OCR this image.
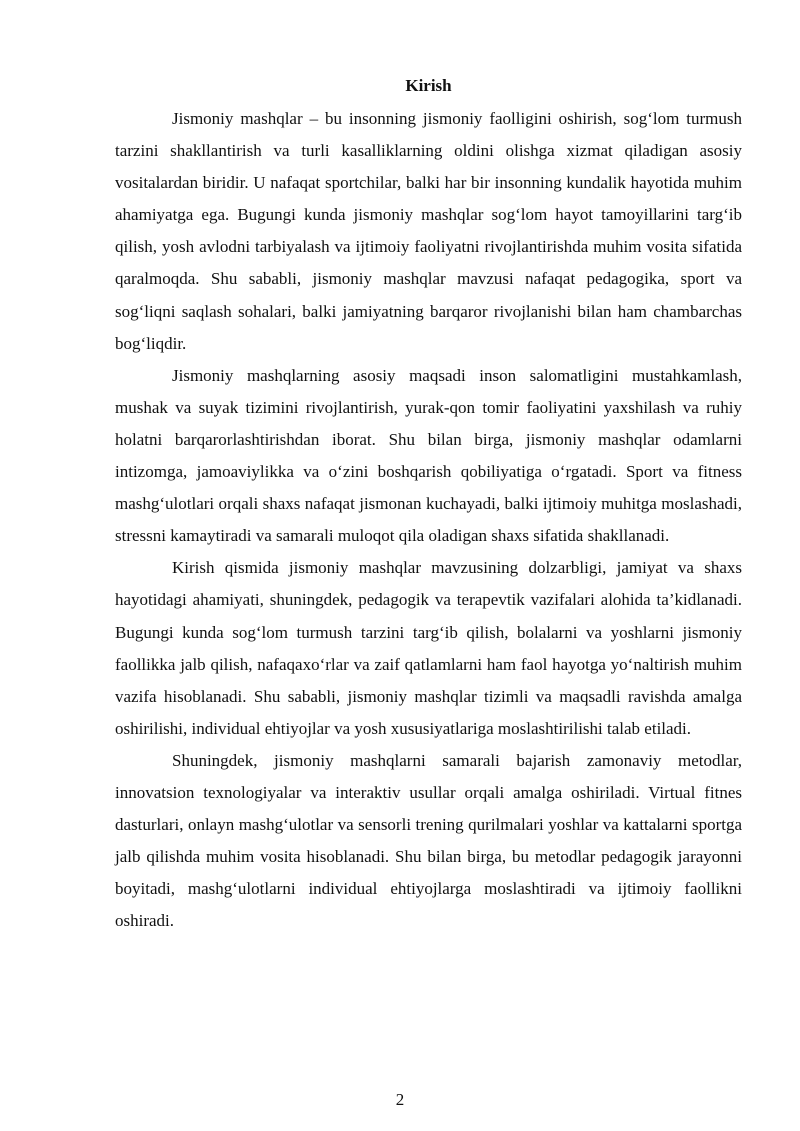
Kirish

Jismoniy mashqlar – bu insonning jismoniy faolligini oshirish, sog‘lom turmush tarzini shakllantirish va turli kasalliklarning oldini olishga xizmat qiladigan asosiy vositalardan biridir. U nafaqat sportchilar, balki har bir insonning kundalik hayotida muhim ahamiyatga ega. Bugungi kunda jismoniy mashqlar sog‘lom hayot tamoyillarini targ‘ib qilish, yosh avlodni tarbiyalash va ijtimoiy faoliyatni rivojlantirishda muhim vosita sifatida qaralmoqda. Shu sababli, jismoniy mashqlar mavzusi nafaqat pedagogika, sport va sog‘liqni saqlash sohalari, balki jamiyatning barqaror rivojlanishi bilan ham chambarchas bog‘liqdir.

Jismoniy mashqlarning asosiy maqsadi inson salomatligini mustahkamlash, mushak va suyak tizimini rivojlantirish, yurak-qon tomir faoliyatini yaxshilash va ruhiy holatni barqarorlashtirishdan iborat. Shu bilan birga, jismoniy mashqlar odamlarni intizomga, jamoaviylikka va o‘zini boshqarish qobiliyatiga o‘rgatadi. Sport va fitness mashg‘ulotlari orqali shaxs nafaqat jismonan kuchayadi, balki ijtimoiy muhitga moslashadi, stressni kamaytiradi va samarali muloqot qila oladigan shaxs sifatida shakllanadi.

Kirish qismida jismoniy mashqlar mavzusining dolzarbligi, jamiyat va shaxs hayotidagi ahamiyati, shuningdek, pedagogik va terapevtik vazifalari alohida ta’kidlanadi. Bugungi kunda sog‘lom turmush tarzini targ‘ib qilish, bolalarni va yoshlarni jismoniy faollikka jalb qilish, nafaqaxo‘rlar va zaif qatlamlarni ham faol hayotga yo‘naltirish muhim vazifa hisoblanadi. Shu sababli, jismoniy mashqlar tizimli va maqsadli ravishda amalga oshirilishi, individual ehtiyojlar va yosh xususiyatlariga moslashtirilishi talab etiladi.

Shuningdek, jismoniy mashqlarni samarali bajarish zamonaviy metodlar, innovatsion texnologiyalar va interaktiv usullar orqali amalga oshiriladi. Virtual fitnes dasturlari, onlayn mashg‘ulotlar va sensorli trening qurilmalari yoshlar va kattalarni sportga jalb qilishda muhim vosita hisoblanadi. Shu bilan birga, bu metodlar pedagogik jarayonni boyitadi, mashg‘ulotlarni individual ehtiyojlarga moslashtiradi va ijtimoiy faollikni oshiradi.

2
